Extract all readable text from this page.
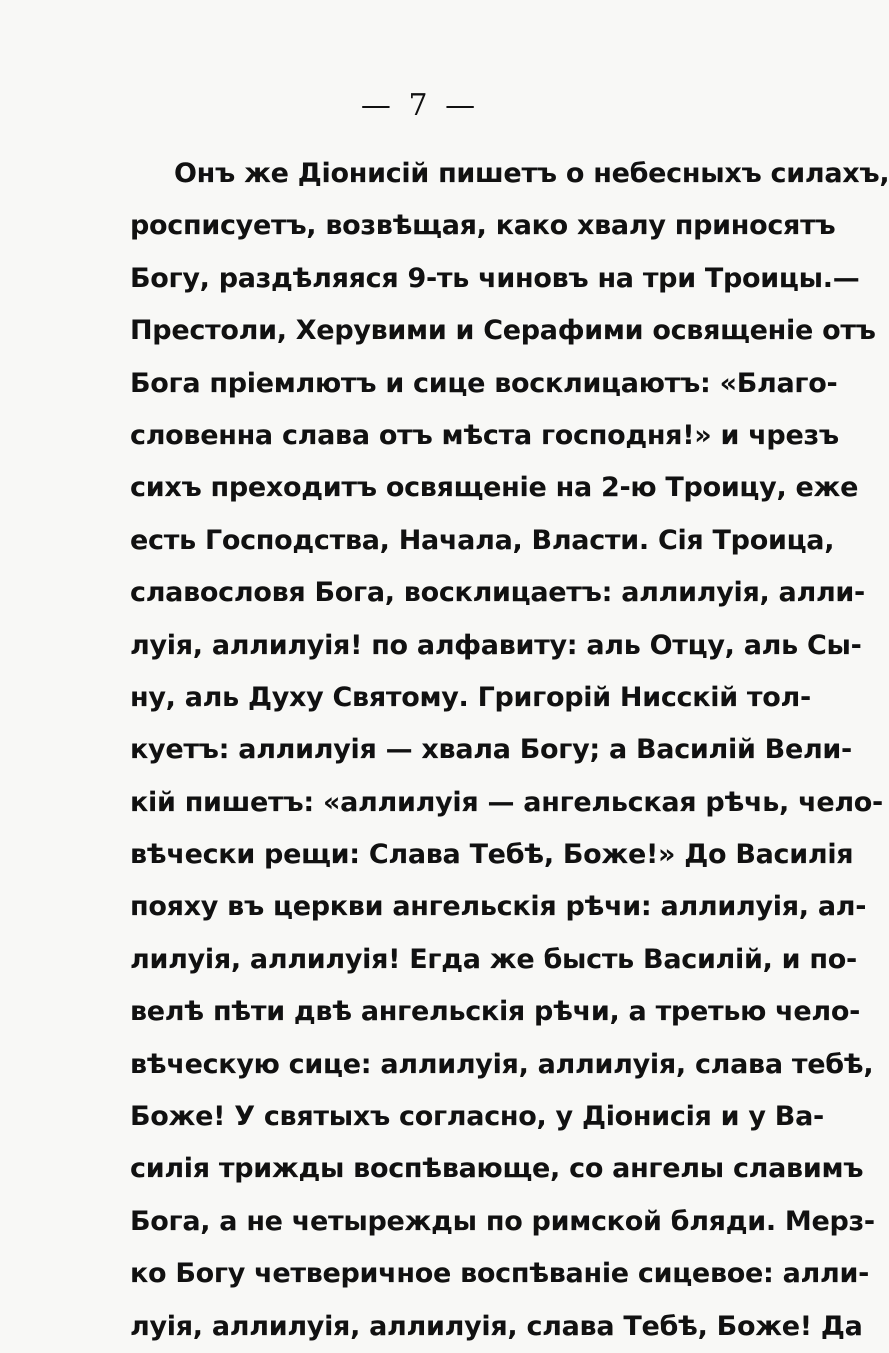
— 7 —
Онъ же Діонисій пишетъ о небесныхъ силахъ,
росписуетъ, возвѣщая, како хвалу приносятъ
Богу, раздѣляяся 9-ть чиновъ на три Троицы.—
Престоли, Херувими и Серафими освященіе отъ
Бога пріемлютъ и сице восклицаютъ: «Благо-
словенна слава отъ мѣста господня!» и чрезъ
сихъ преходитъ освященіе на 2-ю Троицу, еже
есть Господства, Начала, Власти. Сія Троица,
славословя Бога, восклицаетъ: аллилуія, алли-
луія, аллилуія! по алфавиту: аль Отцу, аль Сы-
ну, аль Духу Святому. Григорій Нисскій тол-
куетъ: аллилуія — хвала Богу; а Василій Вели-
кій пишетъ: «аллилуія — ангельская рѣчь, чело-
вѣчески рещи: Слава Тебѣ, Боже!» До Василія
пояху въ церкви ангельскія рѣчи: аллилуія, ал-
лилуія, аллилуія! Егда же бысть Василій, и по-
велѣ пѣти двѣ ангельскія рѣчи, а третью чело-
вѣческую сице: аллилуія, аллилуія, слава тебѣ,
Боже! У святыхъ согласно, у Діонисія и у Ва-
силія трижды воспѣвающе, со ангелы славимъ
Бога, а не четырежды по римской бляди. Мерз-
ко Богу четверичное воспѣваніе сицевое: алли-
луія, аллилуія, аллилуія, слава Тебѣ, Боже! Да
